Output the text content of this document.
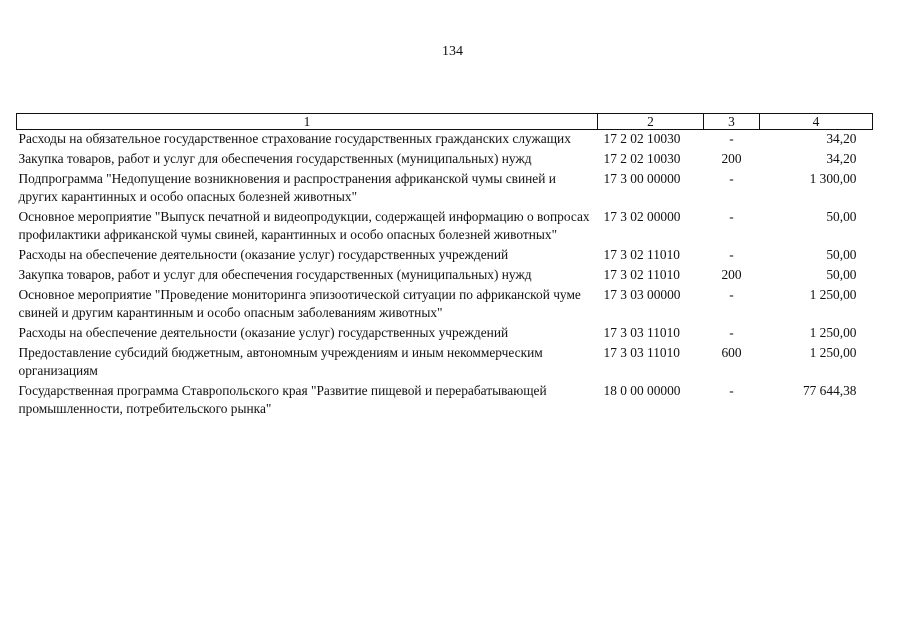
134
1	2	3	4
Расходы на обязательное государственное страхование государственных гражданских служащих	17 2 02 10030	-	34,20
Закупка товаров, работ и услуг для обеспечения государственных (муниципальных) нужд	17 2 02 10030	200	34,20
Подпрограмма "Недопущение возникновения и распространения африканской чумы свиней и других карантинных и особо опасных болезней животных"	17 3 00 00000	-	1 300,00
Основное мероприятие "Выпуск печатной и видеопродукции, содержащей информацию о вопросах профилактики африканской чумы свиней, карантинных и особо опасных болезней животных"	17 3 02 00000	-	50,00
Расходы на обеспечение деятельности (оказание услуг) государственных учреждений	17 3 02 11010	-	50,00
Закупка товаров, работ и услуг для обеспечения государственных (муниципальных) нужд	17 3 02 11010	200	50,00
Основное мероприятие "Проведение мониторинга эпизоотической ситуации по африканской чуме свиней и другим карантинным и особо опасным заболеваниям животных"	17 3 03 00000	-	1 250,00
Расходы на обеспечение деятельности (оказание услуг) государственных учреждений	17 3 03 11010	-	1 250,00
Предоставление субсидий бюджетным, автономным учреждениям и иным некоммерческим организациям	17 3 03 11010	600	1 250,00
Государственная программа Ставропольского края "Развитие пищевой и перерабатывающей промышленности, потребительского рынка"	18 0 00 00000	-	77 644,38
